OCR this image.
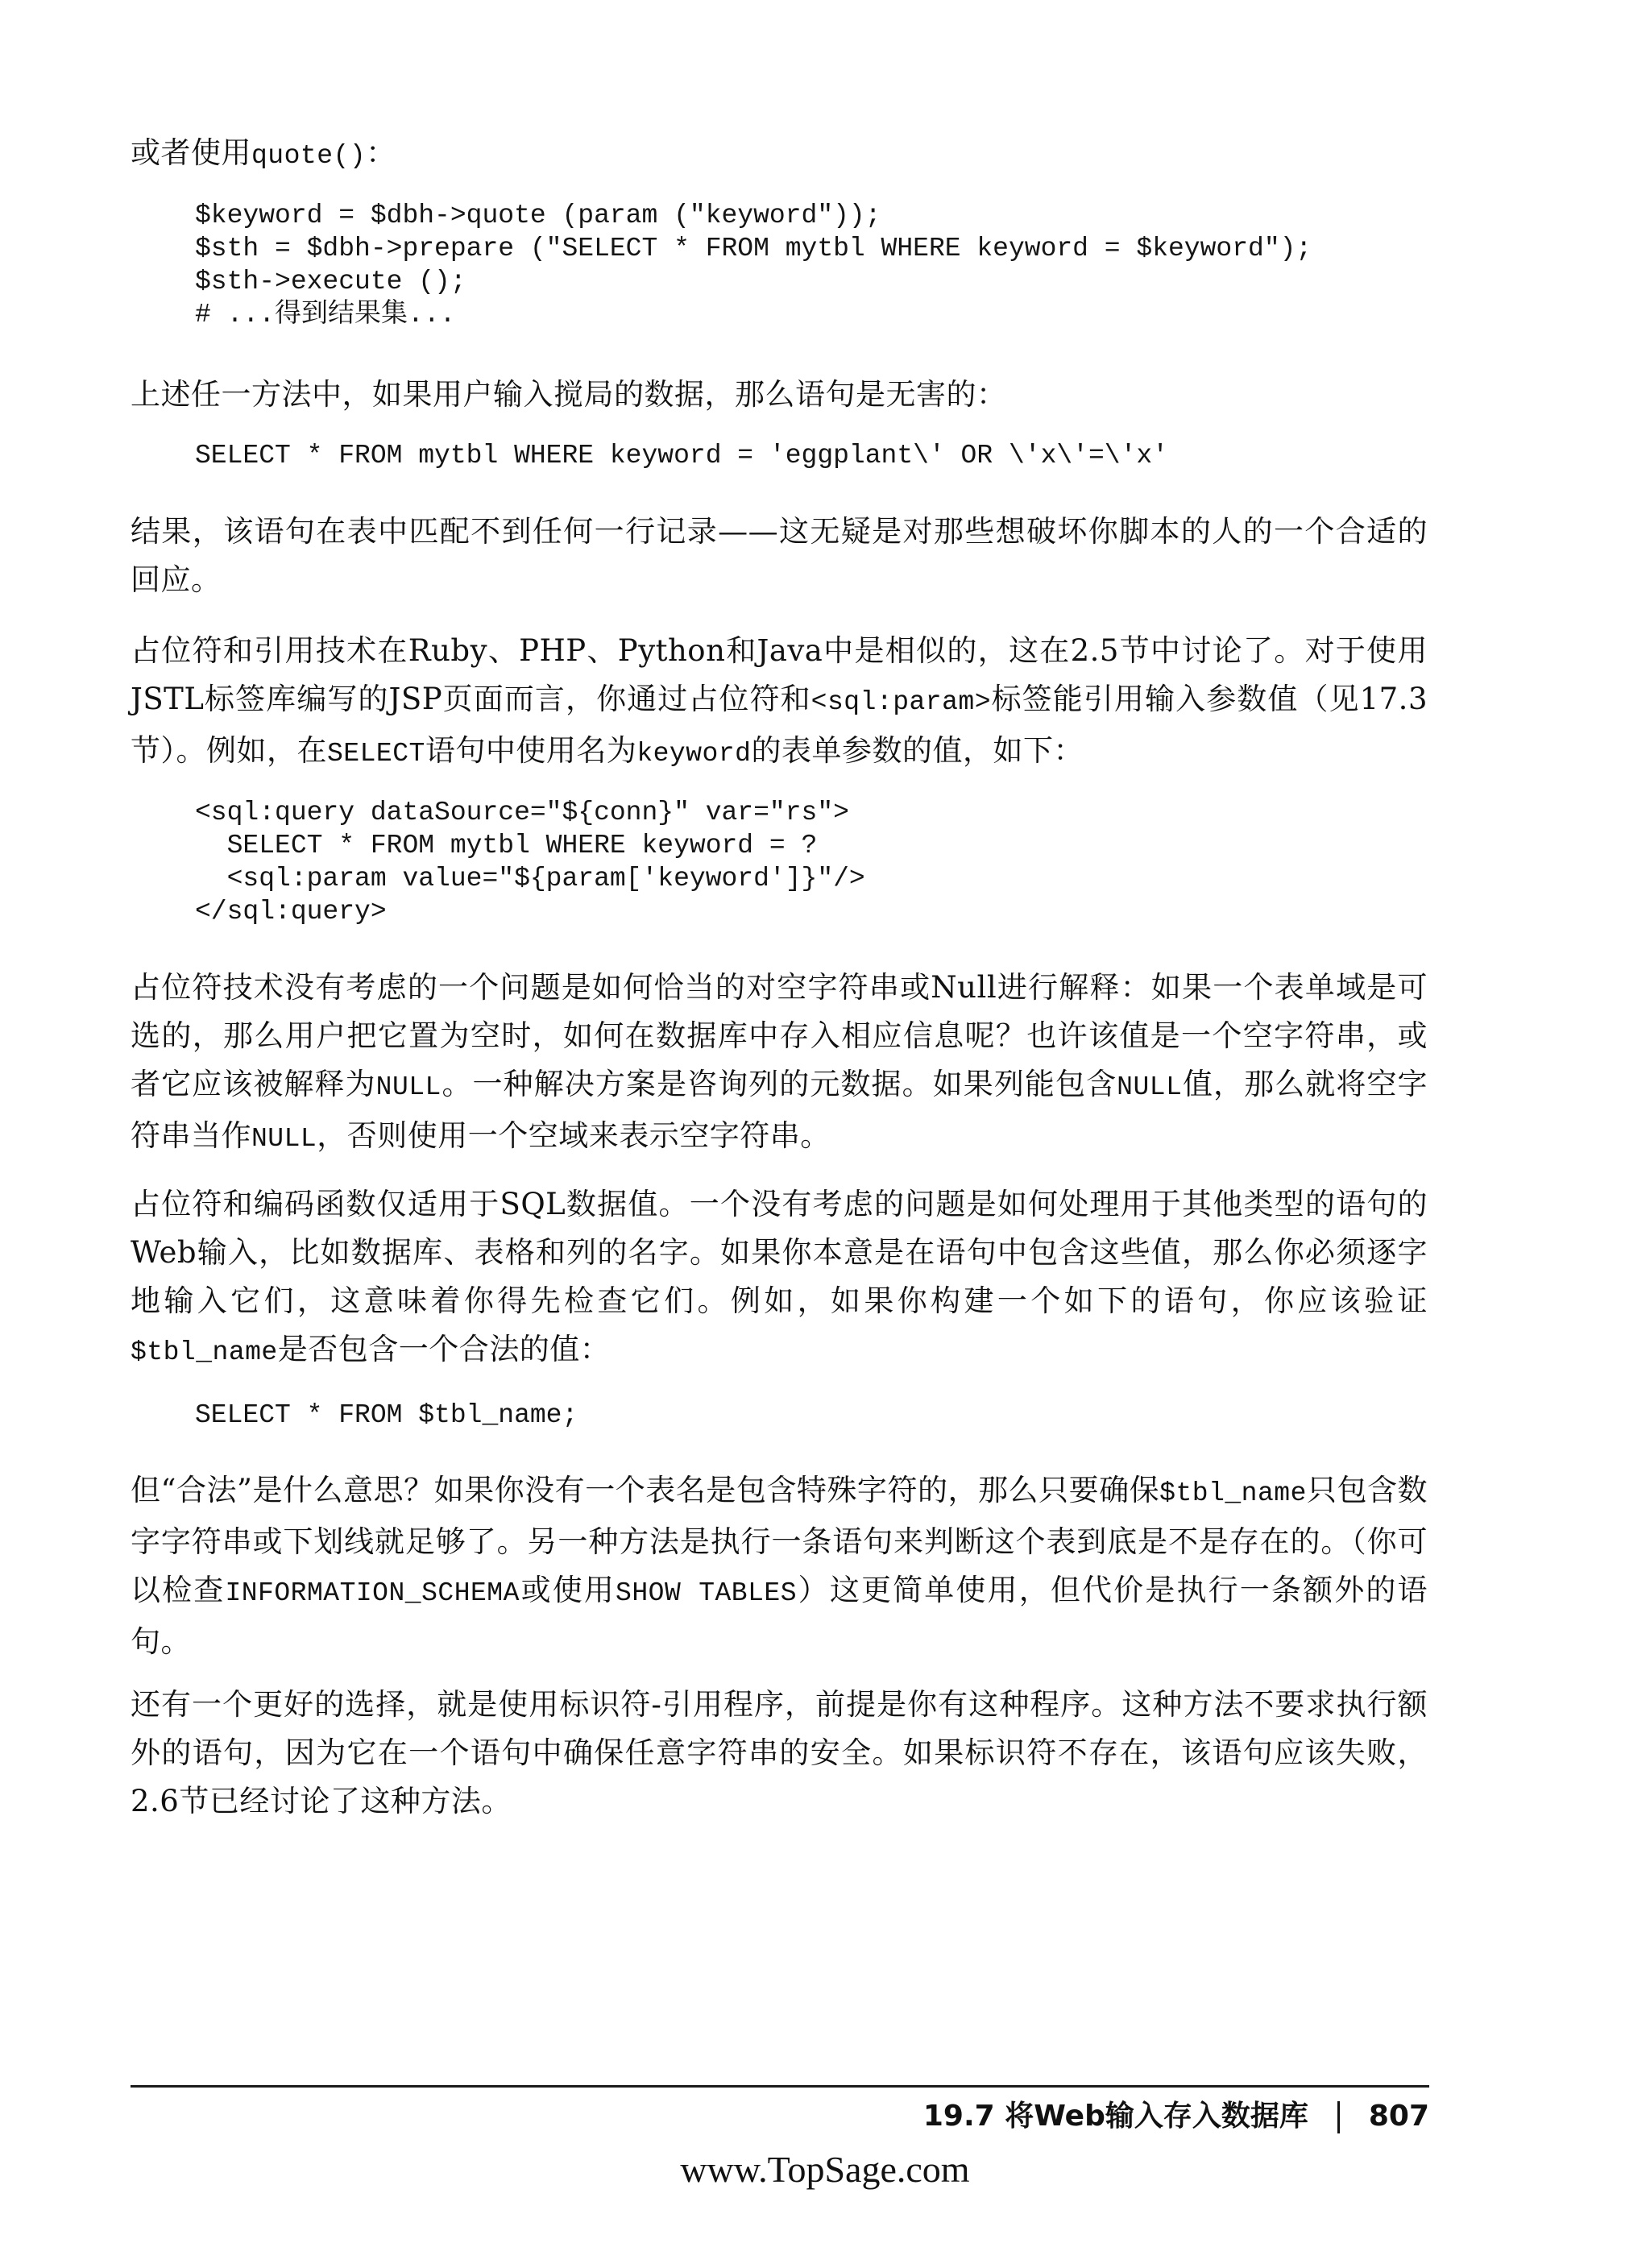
或者使用quote()：

$keyword = $dbh->quote (param ("keyword"));
$sth = $dbh->prepare ("SELECT * FROM mytbl WHERE keyword = $keyword");
$sth->execute ();
# ...得到结果集...

上述任一方法中，如果用户输入搅局的数据，那么语句是无害的：

SELECT * FROM mytbl WHERE keyword = 'eggplant\' OR \'x\'=\'x'

结果，该语句在表中匹配不到任何一行记录——这无疑是对那些想破坏你脚本的人的一个合适的回应。

占位符和引用技术在Ruby、PHP、Python和Java中是相似的，这在2.5节中讨论了。对于使用JSTL标签库编写的JSP页面而言，你通过占位符和<sql:param>标签能引用输入参数值（见17.3节）。例如，在SELECT语句中使用名为keyword的表单参数的值，如下：

<sql:query dataSource="${conn}" var="rs">
SELECT * FROM mytbl WHERE keyword = ?
<sql:param value="${param['keyword']}"/>
</sql:query>

占位符技术没有考虑的一个问题是如何恰当的对空字符串或Null进行解释：如果一个表单域是可选的，那么用户把它置为空时，如何在数据库中存入相应信息呢？也许该值是一个空字符串，或者它应该被解释为NULL。一种解决方案是咨询列的元数据。如果列能包含NULL值，那么就将空字符串当作NULL，否则使用一个空域来表示空字符串。

占位符和编码函数仅适用于SQL数据值。一个没有考虑的问题是如何处理用于其他类型的语句的Web输入，比如数据库、表格和列的名字。如果你本意是在语句中包含这些值，那么你必须逐字地输入它们，这意味着你得先检查它们。例如，如果你构建一个如下的语句，你应该验证$tbl_name是否包含一个合法的值：

SELECT * FROM $tbl_name;

但“合法”是什么意思？如果你没有一个表名是包含特殊字符的，那么只要确保$tbl_name只包含数字字符串或下划线就足够了。另一种方法是执行一条语句来判断这个表到底是不是存在的。（你可以检查INFORMATION_SCHEMA或使用SHOW TABLES）这更简单使用，但代价是执行一条额外的语句。

还有一个更好的选择，就是使用标识符-引用程序，前提是你有这种程序。这种方法不要求执行额外的语句，因为它在一个语句中确保任意字符串的安全。如果标识符不存在，该语句应该失败，2.6节已经讨论了这种方法。

19.7 将Web输入存入数据库 807
www.TopSage.com
